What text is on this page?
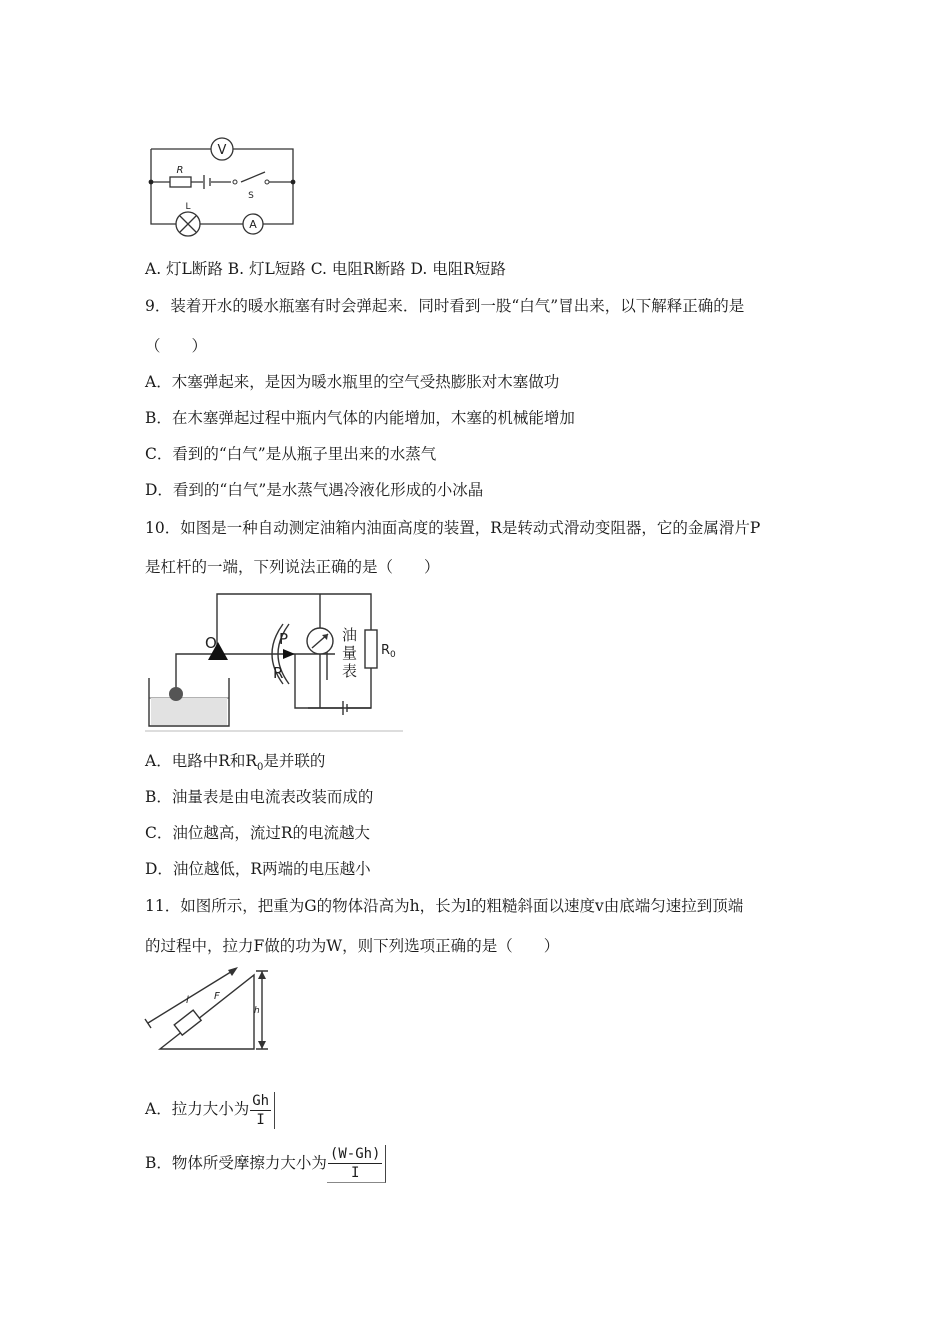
V
R
S
L
A
A. 灯L断路 B. 灯L短路 C. 电阻R断路 D. 电阻R短路
9．装着开水的暖水瓶塞有时会弹起来．同时看到一股“白气”冒出来，以下解释正确的是
（　　）
A．木塞弹起来，是因为暖水瓶里的空气受热膨胀对木塞做功
B．在木塞弹起过程中瓶内气体的内能增加，木塞的机械能增加
C．看到的“白气”是从瓶子里出来的水蒸气
D．看到的“白气”是水蒸气遇冷液化形成的小冰晶
10．如图是一种自动测定油箱内油面高度的装置，R是转动式滑动变阻器，它的金属滑片P
是杠杆的一端，下列说法正确的是（　　）
O	P
R
油
量
表
$R_0$
A．电路中R和$R_0$是并联的
B．油量表是由电流表改装而成的
C．油位越高，流过R的电流越大
D．油位越低，R两端的电压越小
11．如图所示，把重为G的物体沿高为h，长为l的粗糙斜面以速度v由底端匀速拉到顶端
的过程中，拉力F做的功为W，则下列选项正确的是（　　）
l	F
h
A．拉力大小为 $\frac{Gh}{I}$
B．物体所受摩擦力大小为 $\frac{(W-Gh)}{I}$
